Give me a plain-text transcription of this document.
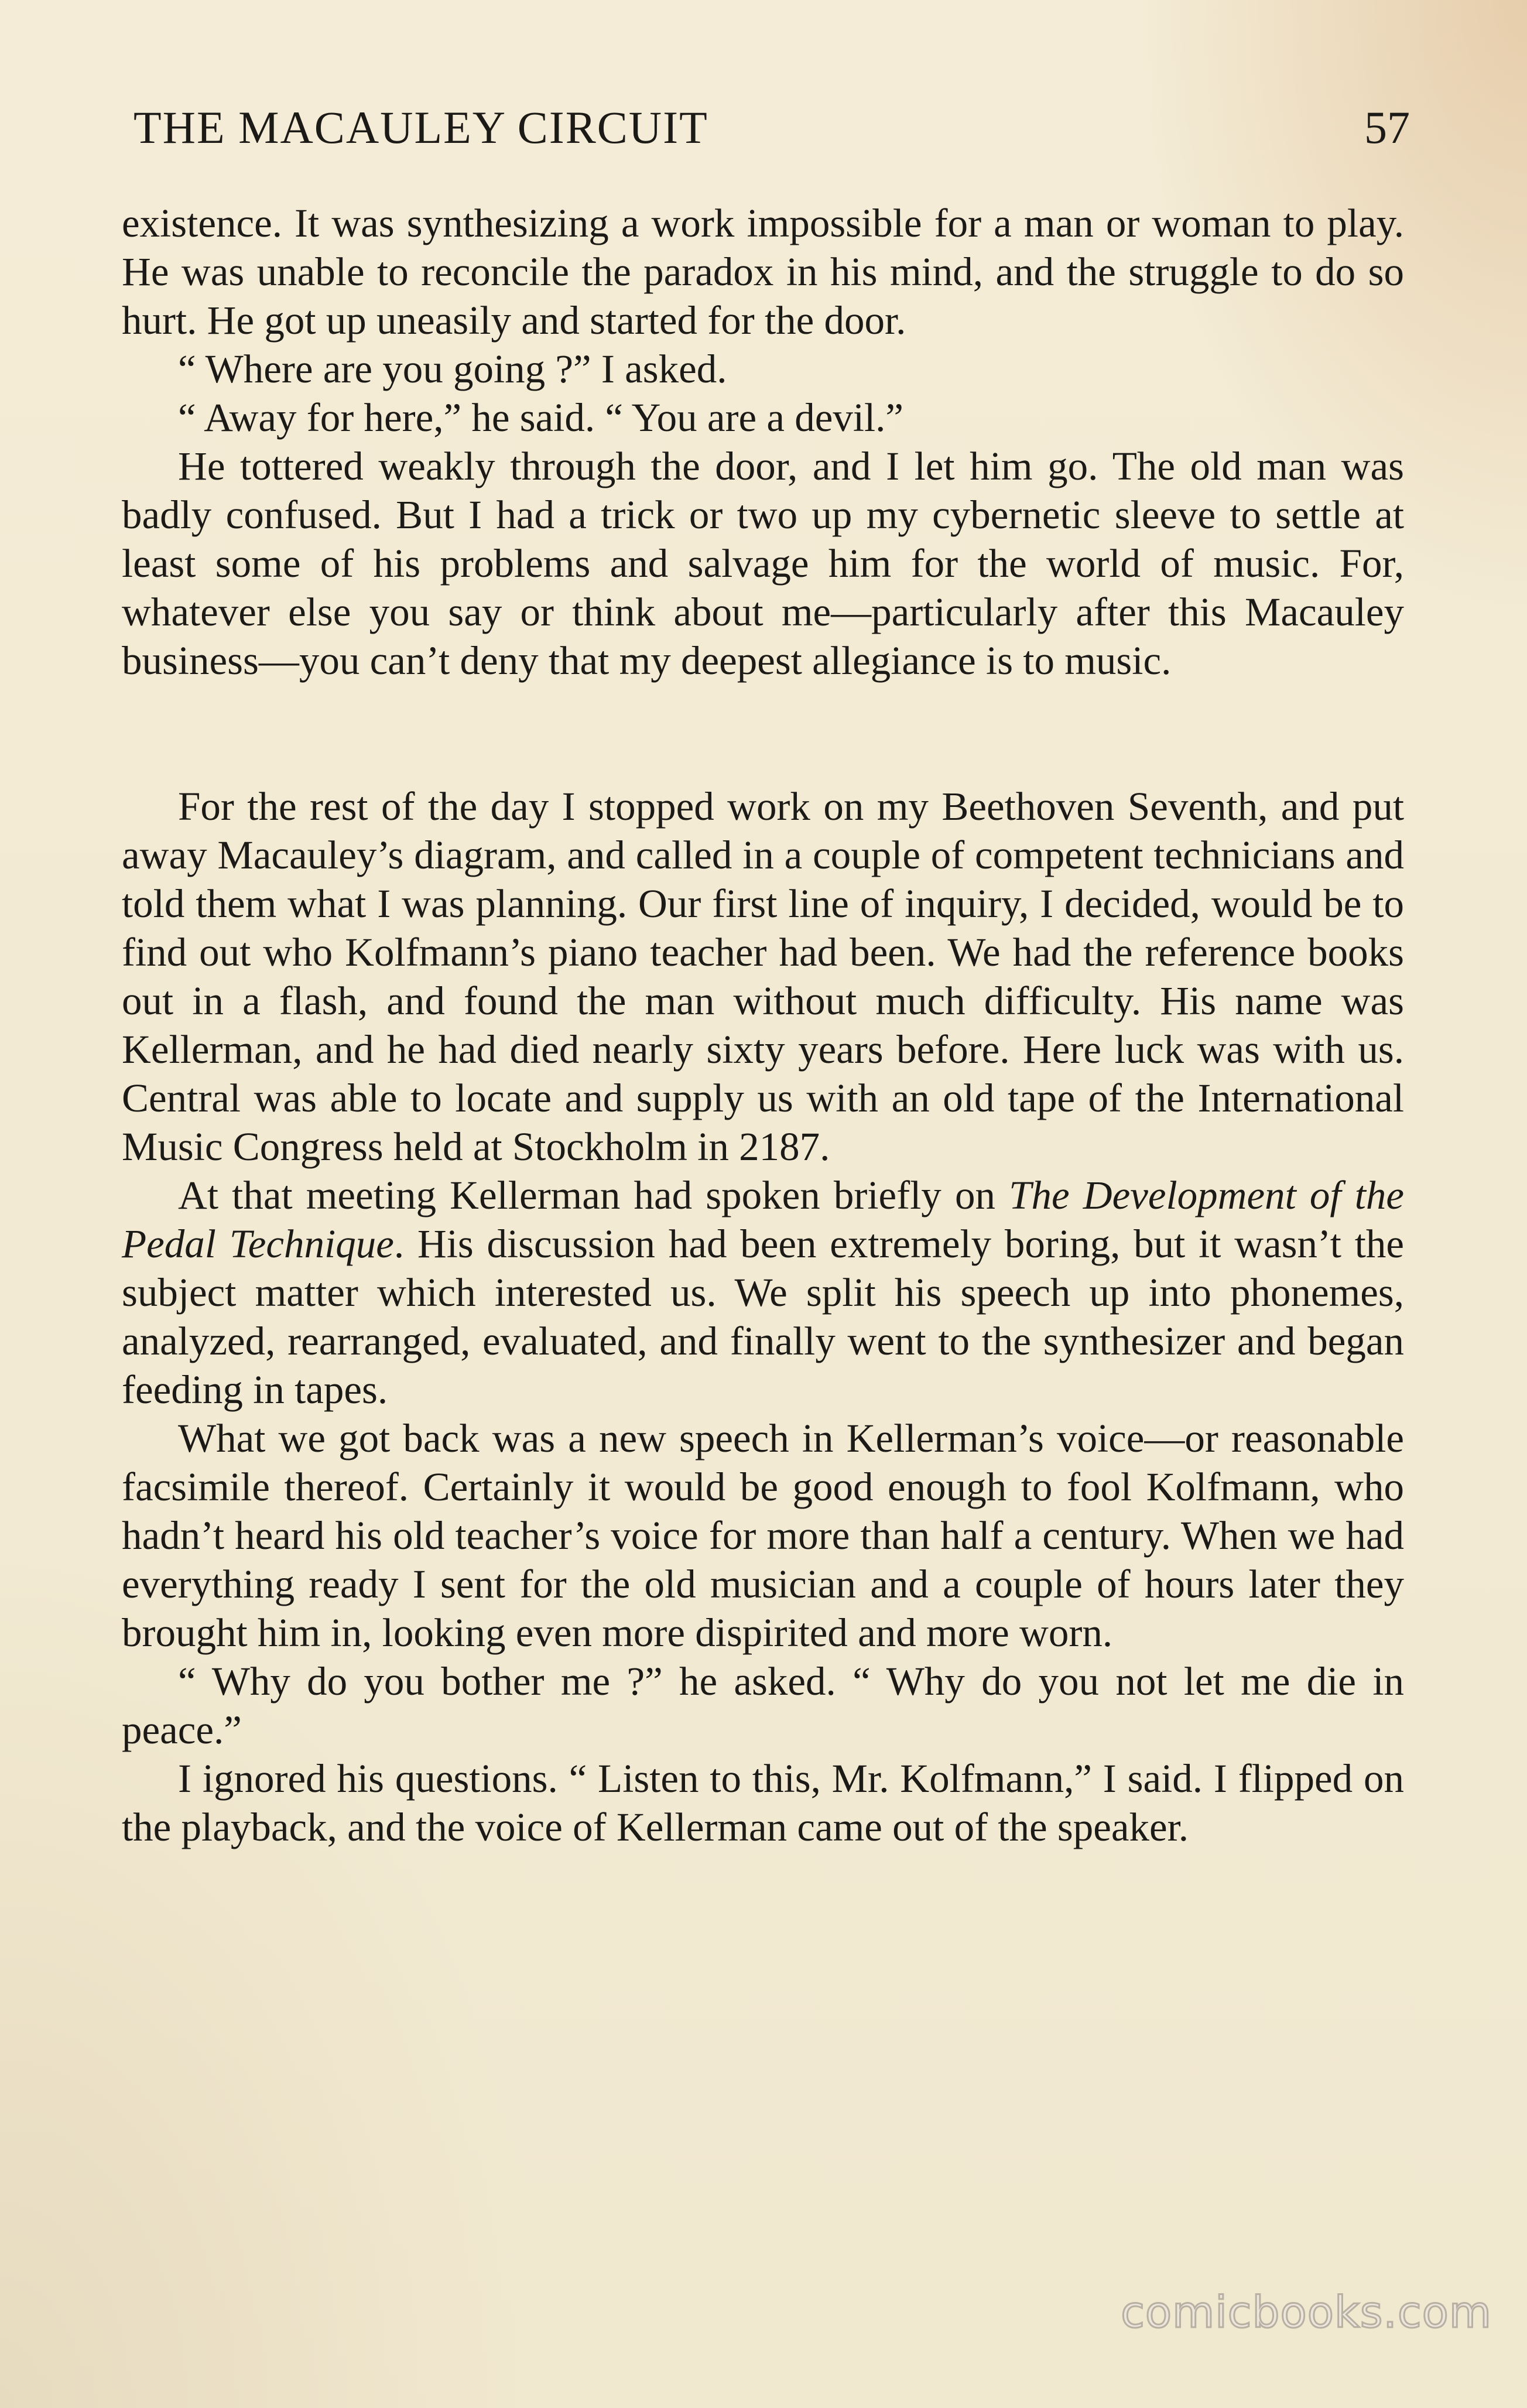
THE MACAULEY CIRCUIT	57

existence. It was synthesizing a work impossible for a man or woman to play. He was unable to reconcile the paradox in his mind, and the struggle to do so hurt. He got up uneasily and started for the door.

“ Where are you going ?” I asked.

“ Away for here,” he said. “ You are a devil.”

He tottered weakly through the door, and I let him go. The old man was badly confused. But I had a trick or two up my cybernetic sleeve to settle at least some of his problems and salvage him for the world of music. For, whatever else you say or think about me—particularly after this Macauley business—you can’t deny that my deepest allegiance is to music.

For the rest of the day I stopped work on my Beethoven Seventh, and put away Macauley’s diagram, and called in a couple of competent technicians and told them what I was planning. Our first line of inquiry, I decided, would be to find out who Kolfmann’s piano teacher had been. We had the reference books out in a flash, and found the man without much difficulty. His name was Kellerman, and he had died nearly sixty years before. Here luck was with us. Central was able to locate and supply us with an old tape of the International Music Congress held at Stockholm in 2187.

At that meeting Kellerman had spoken briefly on The Development of the Pedal Technique. His discussion had been extremely boring, but it wasn’t the subject matter which interested us. We split his speech up into phonemes, analyzed, rearranged, evaluated, and finally went to the synthesizer and began feeding in tapes.

What we got back was a new speech in Kellerman’s voice—or reasonable facsimile thereof. Certainly it would be good enough to fool Kolfmann, who hadn’t heard his old teacher’s voice for more than half a century. When we had everything ready I sent for the old musician and a couple of hours later they brought him in, looking even more dispirited and more worn.

“ Why do you bother me ?” he asked. “ Why do you not let me die in peace.”

I ignored his questions. “ Listen to this, Mr. Kolfmann,” I said. I flipped on the playback, and the voice of Kellerman came out of the speaker.

comicbooks.com
